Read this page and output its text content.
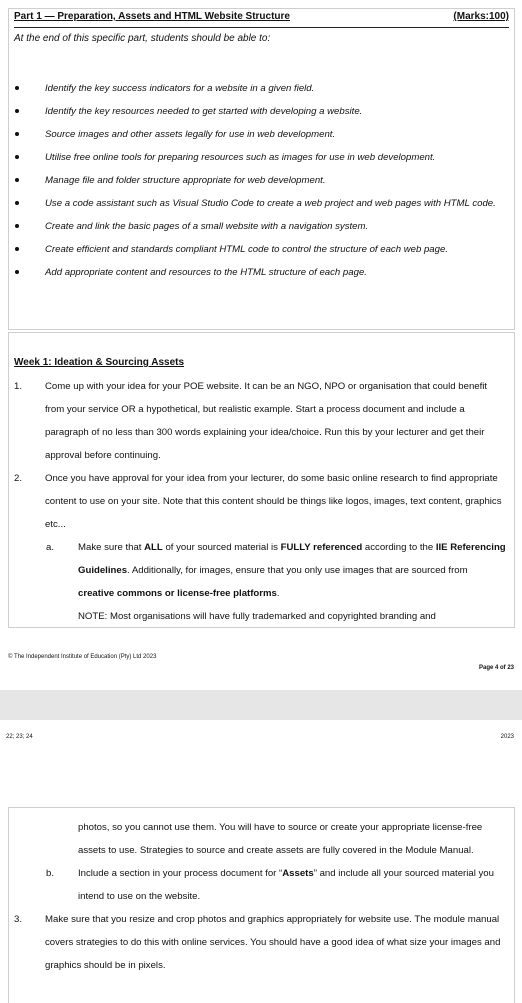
Part 1 — Preparation, Assets and HTML Website Structure	(Marks:100)
At the end of this specific part, students should be able to:
Identify the key success indicators for a website in a given field.
Identify the key resources needed to get started with developing a website.
Source images and other assets legally for use in web development.
Utilise free online tools for preparing resources such as images for use in web development.
Manage file and folder structure appropriate for web development.
Use a code assistant such as Visual Studio Code to create a web project and web pages with HTML code.
Create and link the basic pages of a small website with a navigation system.
Create efficient and standards compliant HTML code to control the structure of each web page.
Add appropriate content and resources to the HTML structure of each page.
Week 1: Ideation & Sourcing Assets
1. Come up with your idea for your POE website. It can be an NGO, NPO or organisation that could benefit from your service OR a hypothetical, but realistic example. Start a process document and include a paragraph of no less than 300 words explaining your idea/choice. Run this by your lecturer and get their approval before continuing.
2. Once you have approval for your idea from your lecturer, do some basic online research to find appropriate content to use on your site. Note that this content should be things like logos, images, text content, graphics etc...
a. Make sure that ALL of your sourced material is FULLY referenced according to the IIE Referencing Guidelines. Additionally, for images, ensure that you only use images that are sourced from creative commons or license-free platforms.
NOTE: Most organisations will have fully trademarked and copyrighted branding and
© The Independent Institute of Education (Pty) Ltd 2023
Page 4 of 23
22; 23; 24	2023
photos, so you cannot use them. You will have to source or create your appropriate license-free assets to use. Strategies to source and create assets are fully covered in the Module Manual.
b. Include a section in your process document for “Assets” and include all your sourced material you intend to use on the website.
3. Make sure that you resize and crop photos and graphics appropriately for website use. The module manual covers strategies to do this with online services. You should have a good idea of what size your images and graphics should be in pixels.
